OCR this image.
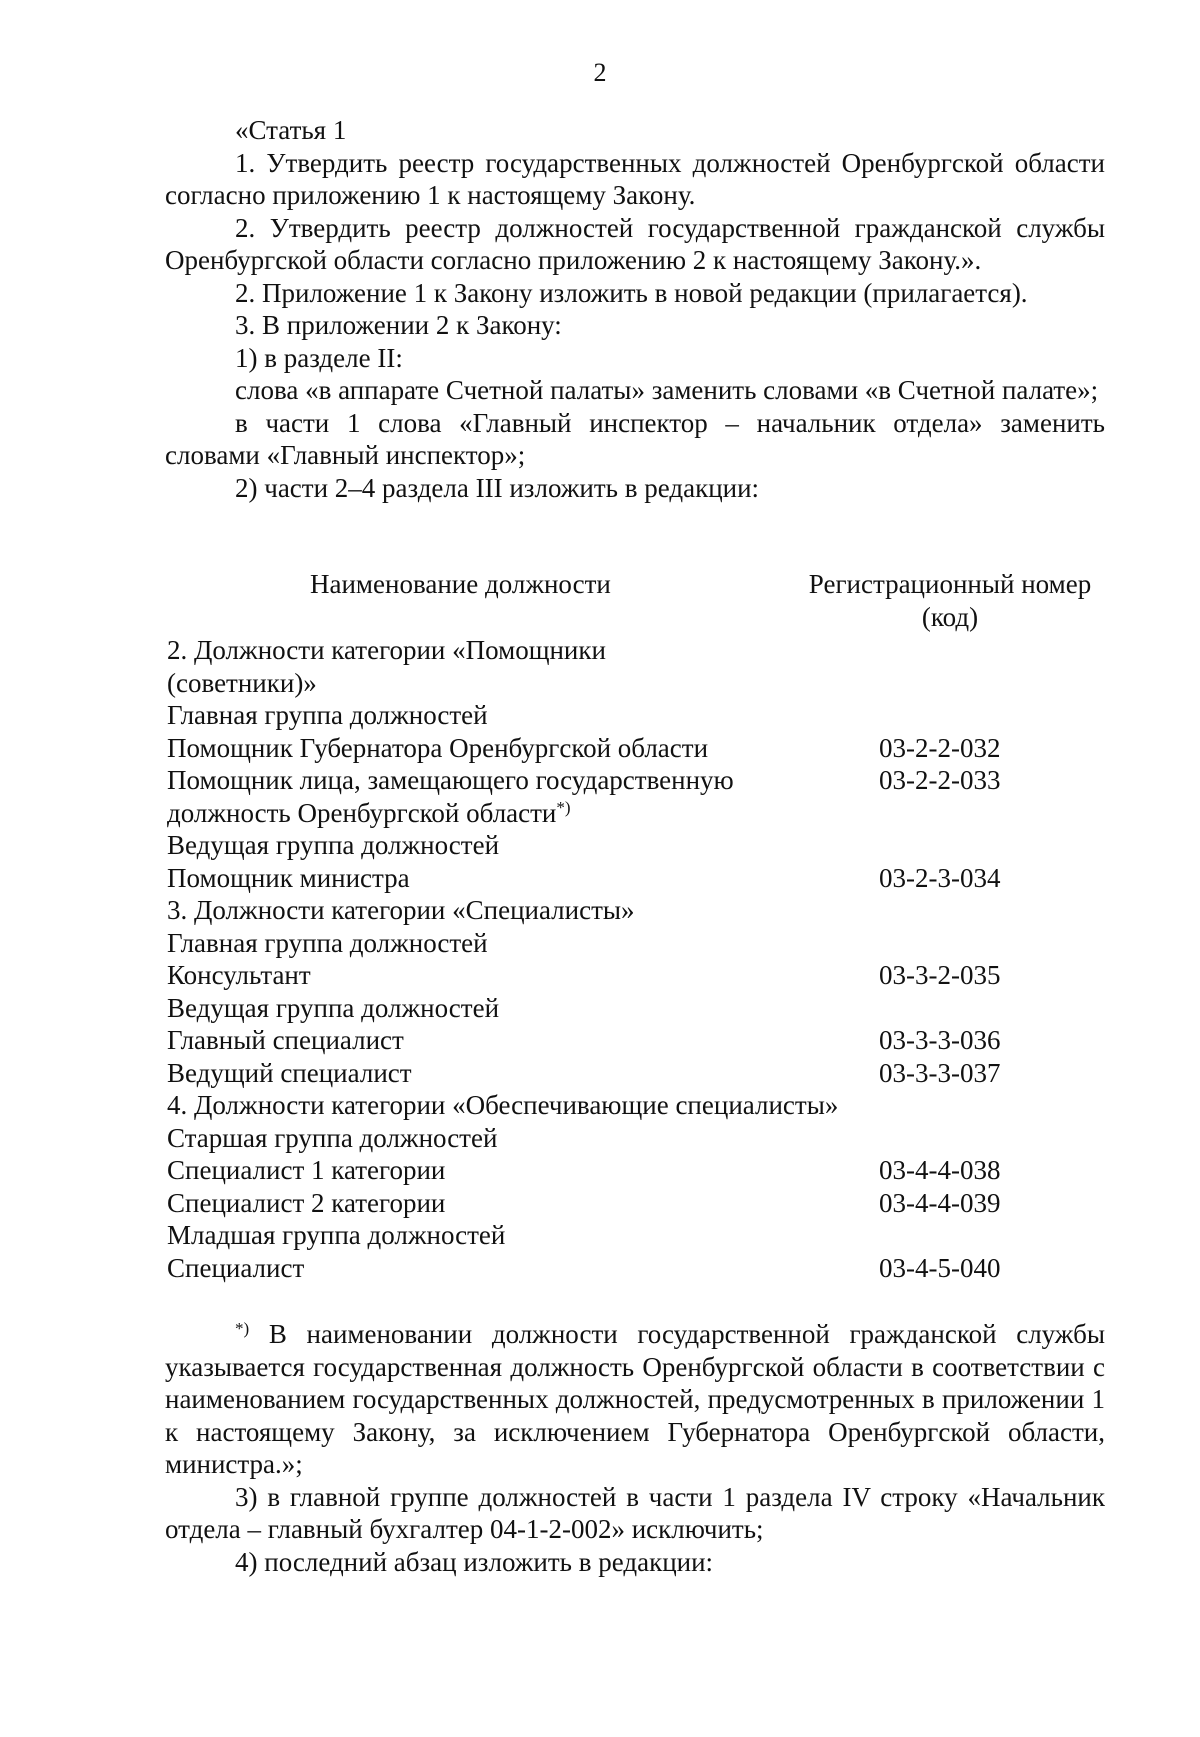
2

«Статья 1

1. Утвердить реестр государственных должностей Оренбургской области согласно приложению 1 к настоящему Закону.

2. Утвердить реестр должностей государственной гражданской службы Оренбургской области согласно приложению 2 к настоящему Закону.».

2. Приложение 1 к Закону изложить в новой редакции (прилагается).

3. В приложении 2 к Закону:

1) в разделе II:

слова «в аппарате Счетной палаты» заменить словами «в Счетной палате»;

в части 1 слова «Главный инспектор – начальник отдела» заменить словами «Главный инспектор»;

2) части 2–4 раздела III изложить в редакции:

Наименование должности	Регистрационный номер
(код)
2. Должности категории «Помощники
(советники)»
Главная группа должностей
Помощник Губернатора Оренбургской области	03-2-2-032
Помощник лица, замещающего государственную	03-2-2-033
должность Оренбургской области*)
Ведущая группа должностей
Помощник министра	03-2-3-034
3. Должности категории «Специалисты»
Главная группа должностей
Консультант	03-3-2-035
Ведущая группа должностей
Главный специалист	03-3-3-036
Ведущий специалист	03-3-3-037
4. Должности категории «Обеспечивающие специалисты»
Старшая группа должностей
Специалист 1 категории	03-4-4-038
Специалист 2 категории	03-4-4-039
Младшая группа должностей
Специалист	03-4-5-040

*) В наименовании должности государственной гражданской службы указывается государственная должность Оренбургской области в соответствии с наименованием государственных должностей, предусмотренных в приложении 1 к настоящему Закону, за исключением Губернатора Оренбургской области, министра.»;

3) в главной группе должностей в части 1 раздела IV строку «Начальник отдела – главный бухгалтер 04-1-2-002» исключить;

4) последний абзац изложить в редакции:
